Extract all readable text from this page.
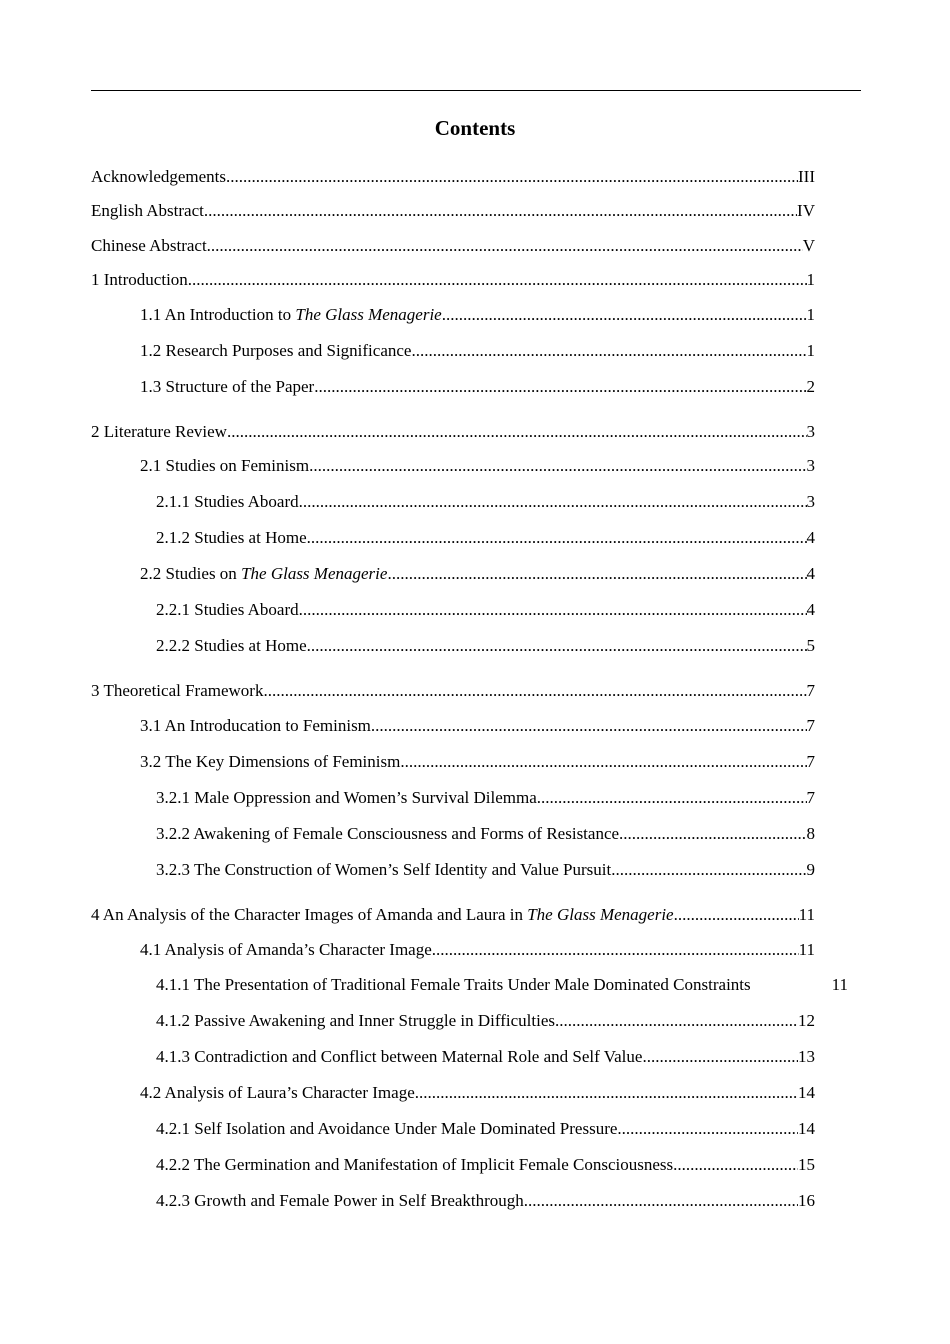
Contents
Acknowledgements .....	III
English Abstract .....	IV
Chinese Abstract .....	V
1 Introduction .....	1
1.1 An Introduction to The Glass Menagerie .....	1
1.2 Research Purposes and Significance .....	1
1.3 Structure of the Paper .....	2
2 Literature Review .....	3
2.1 Studies on Feminism .....	3
2.1.1 Studies Aboard .....	3
2.1.2 Studies at Home .....	4
2.2 Studies on The Glass Menagerie .....	4
2.2.1 Studies Aboard .....	4
2.2.2 Studies at Home .....	5
3 Theoretical Framework .....	7
3.1 An Introducation to Feminism .....	7
3.2 The Key Dimensions of Feminism .....	7
3.2.1 Male Oppression and Women’s Survival Dilemma .....	7
3.2.2 Awakening of Female Consciousness and Forms of Resistance .....	8
3.2.3 The Construction of Women’s Self Identity and Value Pursuit .....	9
4 An Analysis of the Character Images of Amanda and Laura in The Glass Menagerie .....	11
4.1 Analysis of Amanda’s Character Image .....	11
4.1.1 The Presentation of Traditional Female Traits Under Male Dominated Constraints	11
4.1.2 Passive Awakening and Inner Struggle in Difficulties .....	12
4.1.3 Contradiction and Conflict between Maternal Role and Self Value .....	13
4.2 Analysis of Laura’s Character Image .....	14
4.2.1 Self Isolation and Avoidance Under Male Dominated Pressure .....	14
4.2.2 The Germination and Manifestation of Implicit Female Consciousness .....	15
4.2.3 Growth and Female Power in Self Breakthrough .....	16
